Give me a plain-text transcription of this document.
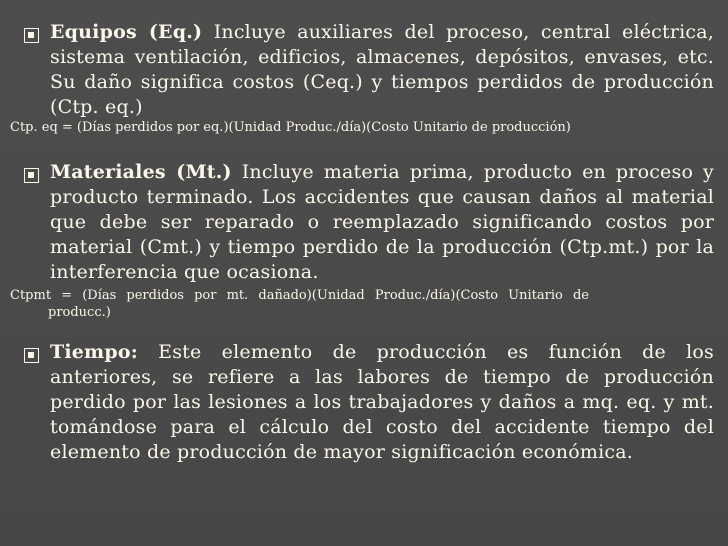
Equipos (Eq.) Incluye auxiliares del proceso, central eléctrica, sistema ventilación, edificios, almacenes, depósitos, envases, etc. Su daño significa costos (Ceq.) y tiempos perdidos de producción (Ctp. eq.)
Ctp. eq = (Días perdidos por eq.)(Unidad Produc./día)(Costo Unitario de producción)
Materiales (Mt.) Incluye materia prima, producto en proceso y producto terminado. Los accidentes que causan daños al material que debe ser reparado o reemplazado significando costos por material (Cmt.) y tiempo perdido de la producción (Ctp.mt.) por la interferencia que ocasiona.
Ctpmt = (Días perdidos por mt. dañado)(Unidad Produc./día)(Costo Unitario de
producc.)
Tiempo: Este elemento de producción es función de los anteriores, se refiere a las labores de tiempo de producción perdido por las lesiones a los trabajadores y daños a mq. eq. y mt. tomándose para el cálculo del costo del accidente tiempo del elemento de producción de mayor significación económica.
